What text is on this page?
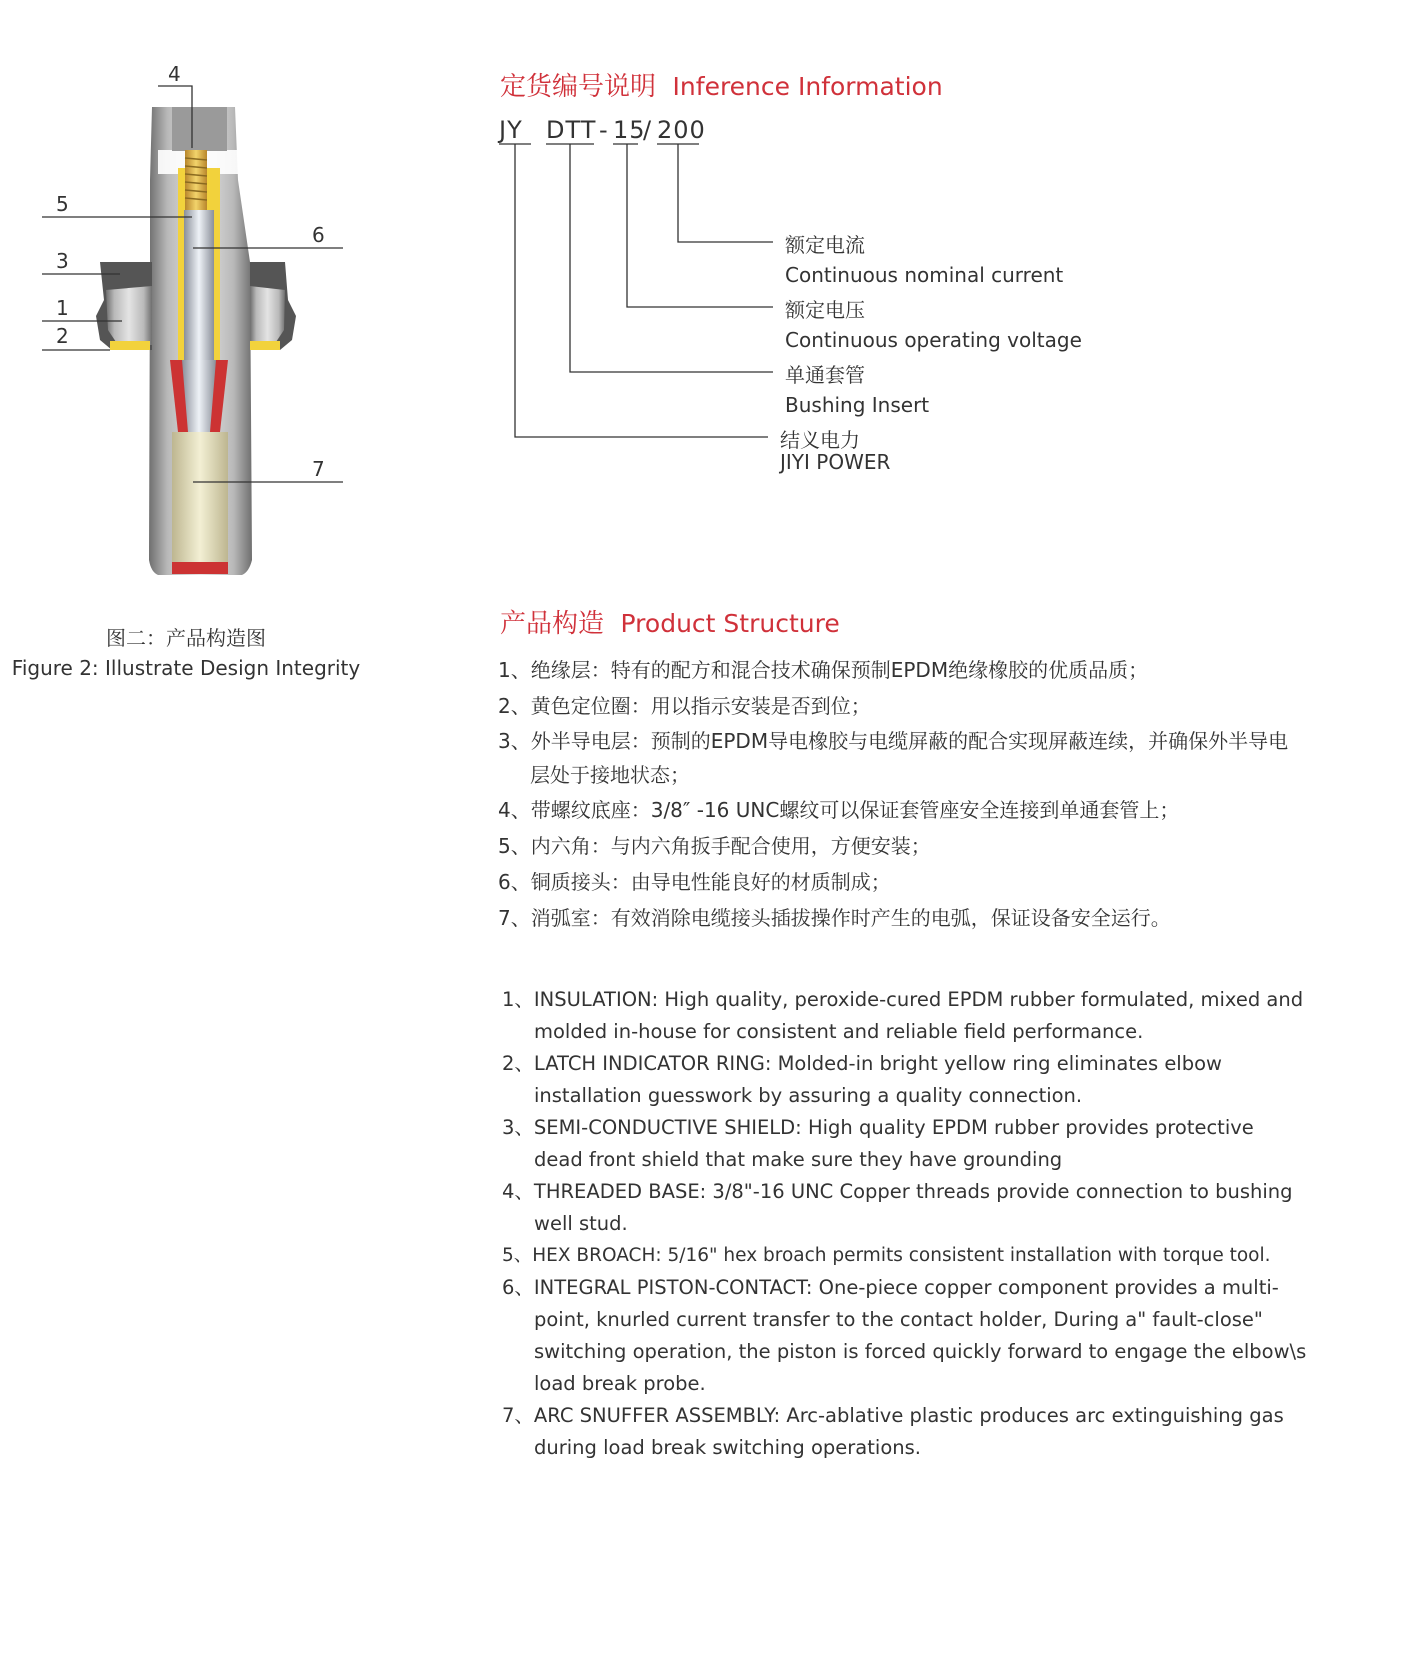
4
5
3
1
2
6
7
图二：产品构造图
Figure 2: Illustrate Design Integrity
定货编号说明 Inference Information
JY DTT - 15
/ 200
额定电流
Continuous nominal current
额定电压
Continuous operating voltage
单通套管
Bushing Insert
结义电力
JIYI POWER
产品构造 Product Structure
1、绝缘层：特有的配方和混合技术确保预制EPDM绝缘橡胶的优质品质；
2、黄色定位圈：用以指示安装是否到位；
3、外半导电层：预制的EPDM导电橡胶与电缆屏蔽的配合实现屏蔽连续，并确保外半导电层处于接地状态；
4、带螺纹底座：3/8″ -16 UNC螺纹可以保证套管座安全连接到单通套管上；
5、内六角：与内六角扳手配合使用，方便安装；
6、铜质接头：由导电性能良好的材质制成；
7、消弧室：有效消除电缆接头插拔操作时产生的电弧，保证设备安全运行。
1、INSULATION: High quality, peroxide-cured EPDM rubber formulated, mixed and molded in-house for consistent and reliable field performance.
2、LATCH INDICATOR RING: Molded-in bright yellow ring eliminates elbow installation guesswork by assuring a quality connection.
3、SEMI-CONDUCTIVE SHIELD: High quality EPDM rubber provides protective dead front shield that make sure they have grounding
4、THREADED BASE: 3/8"-16 UNC Copper threads provide connection to bushing well stud.
5、HEX BROACH: 5/16" hex broach permits consistent installation with torque tool.
6、INTEGRAL PISTON-CONTACT: One-piece copper component provides a multi-point, knurled current transfer to the contact holder, During a" fault-close" switching operation, the piston is forced quickly forward to engage the elbow\s load break probe.
7、ARC SNUFFER ASSEMBLY: Arc-ablative plastic produces arc extinguishing gas during load break switching operations.
